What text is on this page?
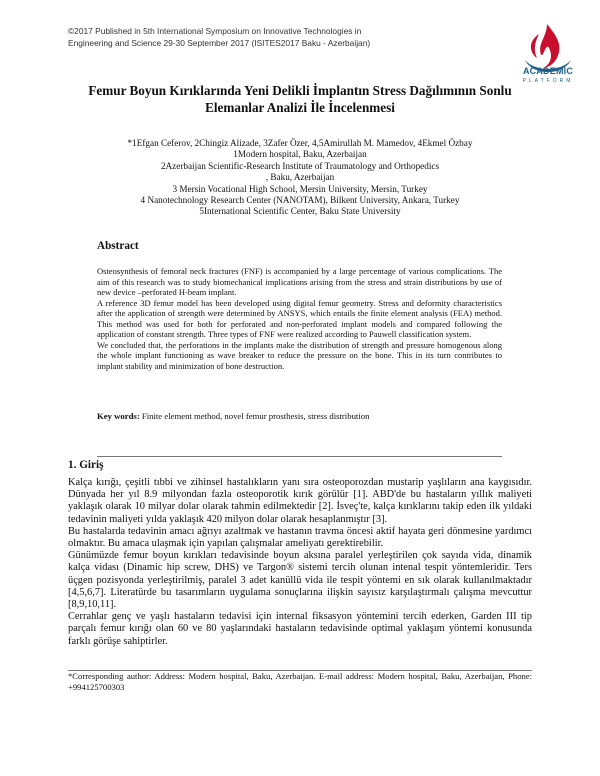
©2017 Published in 5th International Symposium on Innovative Technologies in
Engineering and Science 29-30 September 2017 (ISITES2017 Baku - Azerbaijan)
ACADEMIC
PLATFORM
Femur Boyun Kırıklarında Yeni Delikli İmplantın Stress Dağılımının Sonlu
Elemanlar Analizi İle İncelenmesi
*1Efgan Ceferov, 2Chingiz Alizade, 3Zafer Özer, 4,5Amirullah M. Mamedov, 4Ekmel Özbay
1Modern hospital, Baku, Azerbaijan
2Azerbaijan Scientific-Research Institute of Traumatology and Orthopedics
, Baku, Azerbaijan
3 Mersin Vocational High School, Mersin University, Mersin, Turkey
4 Nanotechnology Research Center (NANOTAM), Bilkent University, Ankara, Turkey
5International Scientific Center, Baku State University
Abstract

Osteosynthesis of femoral neck fractures (FNF) is accompanied by a large percentage of various complications. The aim of this research was to study biomechanical implications arising from the stress and strain distributions by use of new device –perforated H-beam implant.

A reference 3D femur model has been developed using digital femur geometry. Stress and deformity characteristics after the application of strength were determined by ANSYS, which entails the finite element analysis (FEA) method. This method was used for both for perforated and non-perforated implant models and compared following the application of constant strength. Three types of FNF were realized according to Pauwell classification system.

We concluded that, the perforations in the implants make the distribution of strength and pressure homogenous along the whole implant functioning as wave breaker to reduce the pressure on the bone. This in its turn contributes to implant stability and minimization of bone destruction.

Key words: Finite element method, novel femur prosthesis, stress distribution
1. Giriş

Kalça kırığı, çeşitli tıbbi ve zihinsel hastalıkların yanı sıra osteoporozdan mustarip yaşlıların ana kaygısıdır. Dünyada her yıl 8.9 milyondan fazla osteoporotik kırık görülür [1]. ABD'de bu hastaların yıllık maliyeti yaklaşık olarak 10 milyar dolar olarak tahmin edilmektedir [2]. İsveç'te, kalça kırıklarını takip eden ilk yıldaki tedavinin maliyeti yılda yaklaşık 420 milyon dolar olarak hesaplanmıştır [3].

Bu hastalarda tedavinin amacı ağrıyı azaltmak ve hastanın travma öncesi aktif hayata geri dönmesine yardımcı olmaktır. Bu amaca ulaşmak için yapılan çalışmalar ameliyatı gerektirebilir.

Günümüzde femur boyun kırıkları tedavisinde boyun aksına paralel yerleştirilen çok sayıda vida, dinamik kalça vidası (Dinamic hip screw, DHS) ve Targon® sistemi tercih olunan intenal tespit yöntemleridir. Ters üçgen pozisyonda yerleştirilmiş, paralel 3 adet kanüllü vida ile tespit yöntemi en sık olarak kullanılmaktadır [4,5,6,7]. Literatürde bu tasarımların uygulama sonuçlarına ilişkin sayısız karşılaştırmalı çalışma mevcuttur [8,9,10,11].

Cerrahlar genç ve yaşlı hastaların tedavisi için internal fiksasyon yöntemini tercih ederken, Garden III tip parçalı femur kırığı olan 60 ve 80 yaşlarındaki hastaların tedavisinde optimal yaklaşım yöntemi konusunda farklı görüşe sahiptirler.

*Corresponding author: Address: Modern hospital, Baku, Azerbaijan. E-mail address: Modern hospital, Baku, Azerbaijan, Phone: +994125700303
